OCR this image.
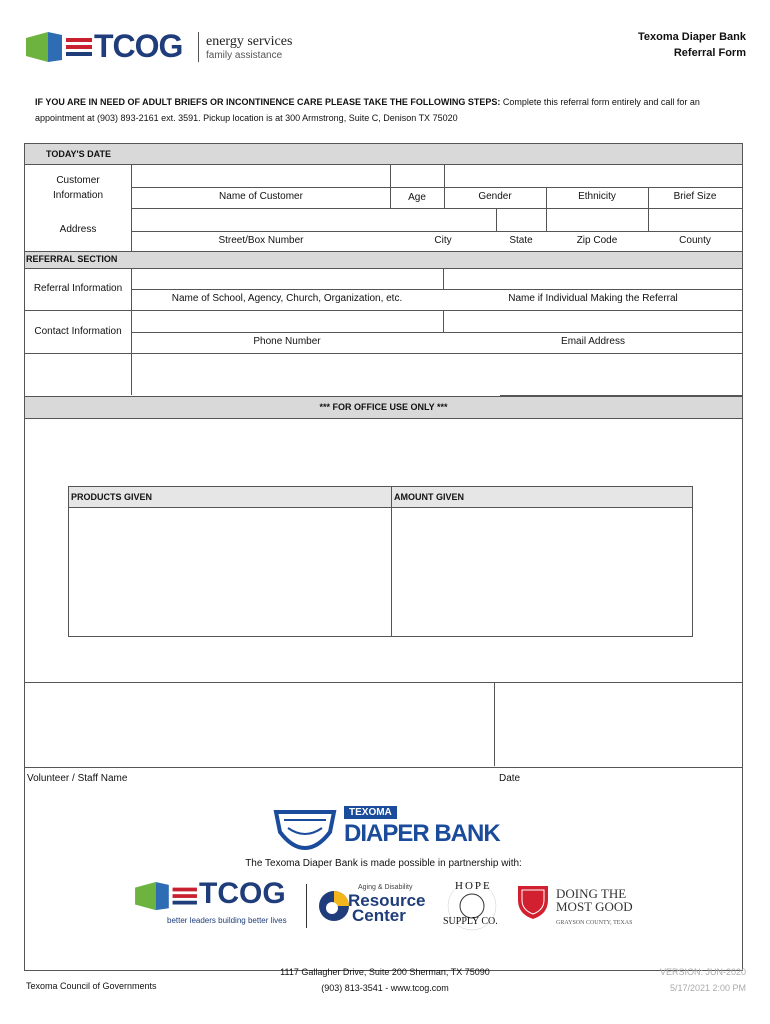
TCOG energy services
family assistance
Texoma Diaper Bank
Referral Form
IF YOU ARE IN NEED OF ADULT BRIEFS OR INCONTINENCE CARE PLEASE TAKE THE FOLLOWING STEPS: Complete this referral form entirely and call for an
appointment at (903) 893-2161 ext. 3591. Pickup location is at 300 Armstrong, Suite C, Denison TX 75020
TODAY'S DATE
Customer
Information	Name of Customer	Age	Gender	Ethnicity	Brief Size
Address
Street/Box Number	City	State	Zip Code	County
REFERRAL SECTION
Referral Information
Name of School, Agency, Church, Organization, etc.	Name if Individual Making the Referral
Contact Information
Phone Number	Email Address
*** FOR OFFICE USE ONLY ***
PRODUCTS GIVEN	AMOUNT GIVEN
Volunteer / Staff Name	Date
TEXOMA
DIAPER BANK
The Texoma Diaper Bank is made possible in partnership with:
TCOG
better leaders building better lives
Aging & Disability
Resource
Center
HOPE
SUPPLY CO.
DOING THE
MOST GOOD
GRAYSON COUNTY, TEXAS
Texoma Council of Governments
1117 Gallagher Drive, Suite 200 Sherman, TX 75090
(903) 813-3541 - www.tcog.com
VERSION: JUN-2020
5/17/2021 2:00 PM
